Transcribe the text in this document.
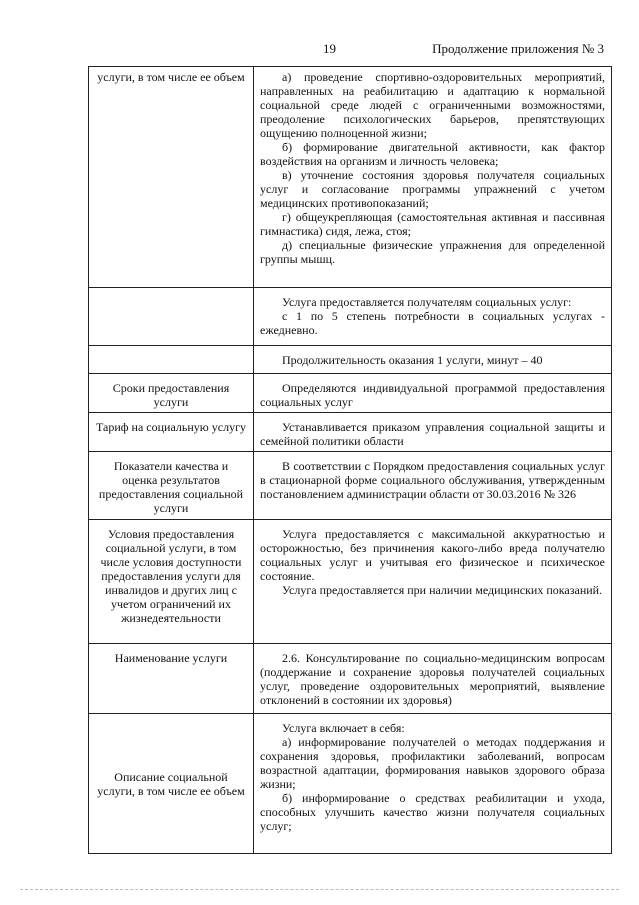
19	Продолжение приложения № 3
услуги, в том числе ее объем	а) проведение спортивно-оздоровительных мероприятий, направленных на реабилитацию и адаптацию к нормальной социальной среде людей с ограниченными возможностями, преодоление психологических барьеров, препятствующих ощущению полноценной жизни;

б) формирование двигательной активности, как фактор воздействия на организм и личность человека;

в) уточнение состояния здоровья получателя социальных услуг и согласование программы упражнений с учетом медицинских противопоказаний;

г) общеукрепляющая (самостоятельная активная и пассивная гимнастика) сидя, лежа, стоя;

д) специальные физические упражнения для определенной группы мышц.

	Услуга предоставляется получателям социальных услуг:

с 1 по 5 степень потребности в социальных услугах - ежедневно.

	Продолжительность оказания 1 услуги, минут – 40

Сроки предоставления услуги	Определяются индивидуальной программой предоставления социальных услуг

Тариф на социальную услугу	Устанавливается приказом управления социальной защиты и семейной политики области

Показатели качества и оценка результатов предоставления социальной услуги	В соответствии с Порядком предоставления социальных услуг в стационарной форме социального обслуживания, утвержденным постановлением администрации области от 30.03.2016 № 326

Условия предоставления социальной услуги, в том числе условия доступности предоставления услуги для инвалидов и других лиц с учетом ограничений их жизнедеятельности	Услуга предоставляется с максимальной аккуратностью и осторожностью, без причинения какого-либо вреда получателю социальных услуг и учитывая его физическое и психическое состояние.

Услуга предоставляется при наличии медицинских показаний.

Наименование услуги	2.6. Консультирование по социально-медицинским вопросам (поддержание и сохранение здоровья получателей социальных услуг, проведение оздоровительных мероприятий, выявление отклонений в состоянии их здоровья)

Описание социальной услуги, в том числе ее объем	Услуга включает в себя:

а) информирование получателей о методах поддержания и сохранения здоровья, профилактики заболеваний, вопросам возрастной адаптации, формирования навыков здорового образа жизни;

б) информирование о средствах реабилитации и ухода, способных улучшить качество жизни получателя социальных услуг;
